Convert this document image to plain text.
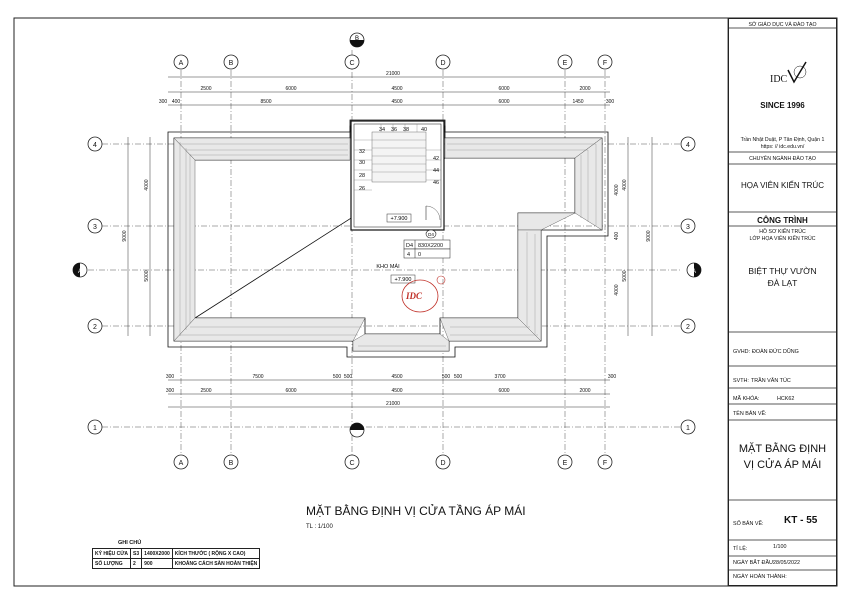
A	B	C	D	E	F
A	B	C	D	E	F
4
3
2
1
4
3
2
1
B
B
A	A
21000
2500	6000	4500	6000	2000
300 400	8500	4500	6000	1450	300
300	7500	500 500	4500	500 500	3700	300
300	2500	6000	4500	6000	2000
21000
9000
4000
5000
9000
4000
5000
4000
400
4000
34 36 38 40
32
30
28
26
42
44
46
+7.900
D4
D4 830X2200
4 0
KHO MÁI
+7.900
IDC
MẶT BẰNG ĐỊNH VỊ CỬA TẦNG ÁP MÁI
TL : 1/100
IDC
SỞ GIÁO DỤC VÀ ĐÀO TẠO
SINCE 1996
Trần Nhật Duật, P Tân Định, Quận 1
https: // idc.edu.vn/
CHUYÊN NGÀNH ĐÀO TẠO
HỌA VIÊN KIẾN TRÚC
CÔNG TRÌNH
HỒ SƠ KIẾN TRÚC
LỚP HỌA VIÊN KIẾN TRÚC
BIỆT THỰ VƯỜN
ĐÀ LẠT
GVHD: ĐOÀN ĐỨC DŨNG
SVTH: TRẦN VĂN TÚC
MÃ KHÓA:	HCK62
TÊN BẢN VẼ:
MẶT BẰNG ĐỊNH
VỊ CỬA ÁP MÁI
SỐ BẢN VẼ: KT - 55
TỈ LỆ:	1/100
NGÀY BẮT ĐẦU:
28/05/2022
NGÀY HOÀN THÀNH:
GHI CHÚ
KÝ HIỆU CỬA	S3	1400X2000	KÍCH THƯỚC ( RỘNG X CAO)
SỐ LƯỢNG	2	900	KHOẢNG CÁCH SÀN HOÀN THIỆN
